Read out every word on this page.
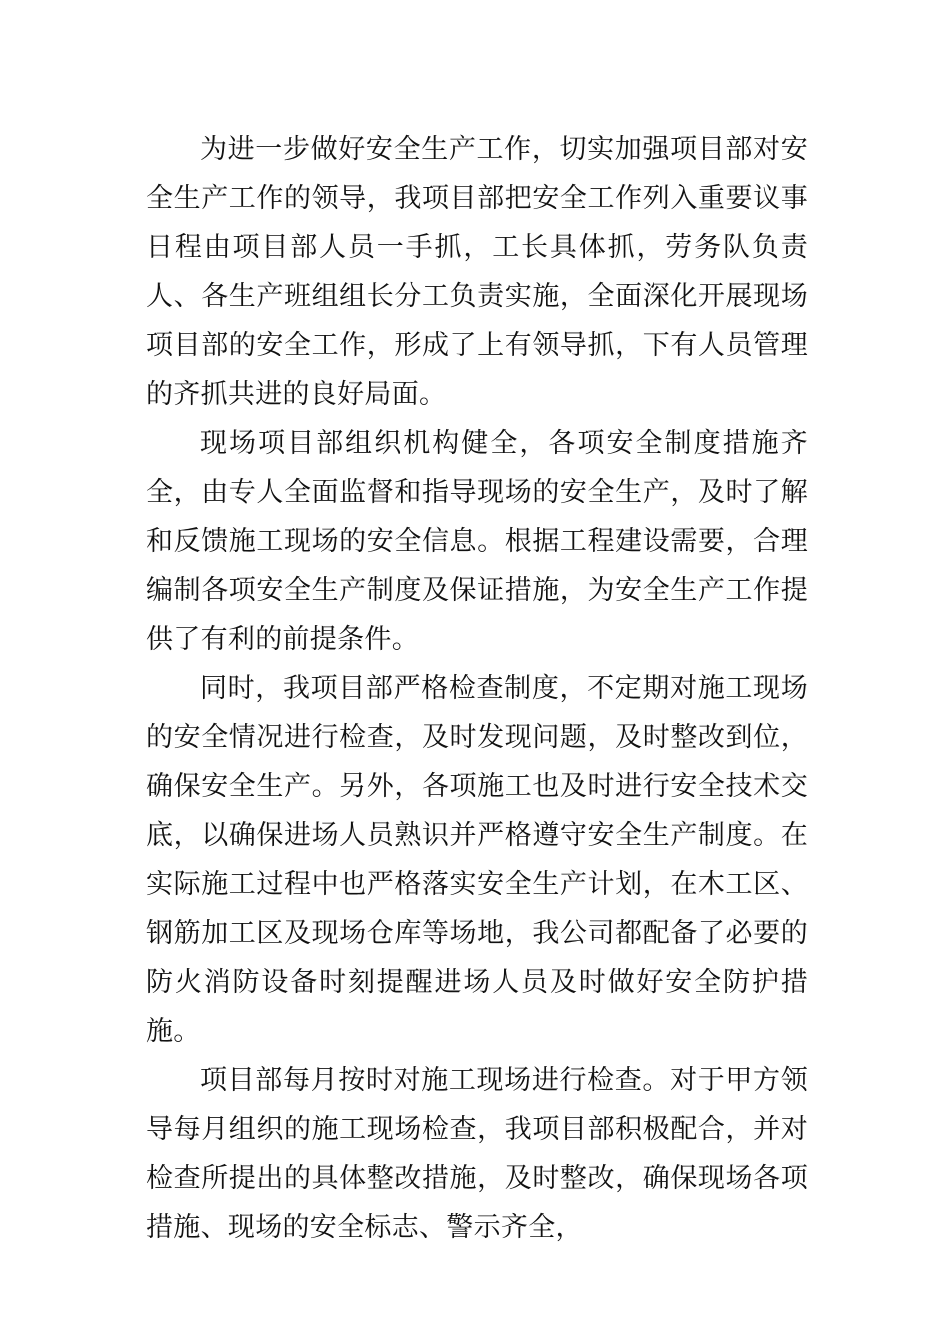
为进一步做好安全生产工作，切实加强项目部对安全生产工作的领导，我项目部把安全工作列入重要议事日程由项目部人员一手抓，工长具体抓，劳务队负责人、各生产班组组长分工负责实施，全面深化开展现场项目部的安全工作，形成了上有领导抓，下有人员管理的齐抓共进的良好局面。

现场项目部组织机构健全，各项安全制度措施齐全，由专人全面监督和指导现场的安全生产，及时了解和反馈施工现场的安全信息。根据工程建设需要，合理编制各项安全生产制度及保证措施，为安全生产工作提供了有利的前提条件。

同时，我项目部严格检查制度，不定期对施工现场的安全情况进行检查，及时发现问题，及时整改到位，确保安全生产。另外，各项施工也及时进行安全技术交底，以确保进场人员熟识并严格遵守安全生产制度。在实际施工过程中也严格落实安全生产计划，在木工区、钢筋加工区及现场仓库等场地，我公司都配备了必要的防火消防设备时刻提醒进场人员及时做好安全防护措施。

项目部每月按时对施工现场进行检查。对于甲方领导每月组织的施工现场检查，我项目部积极配合，并对检查所提出的具体整改措施，及时整改，确保现场各项措施、现场的安全标志、警示齐全，
